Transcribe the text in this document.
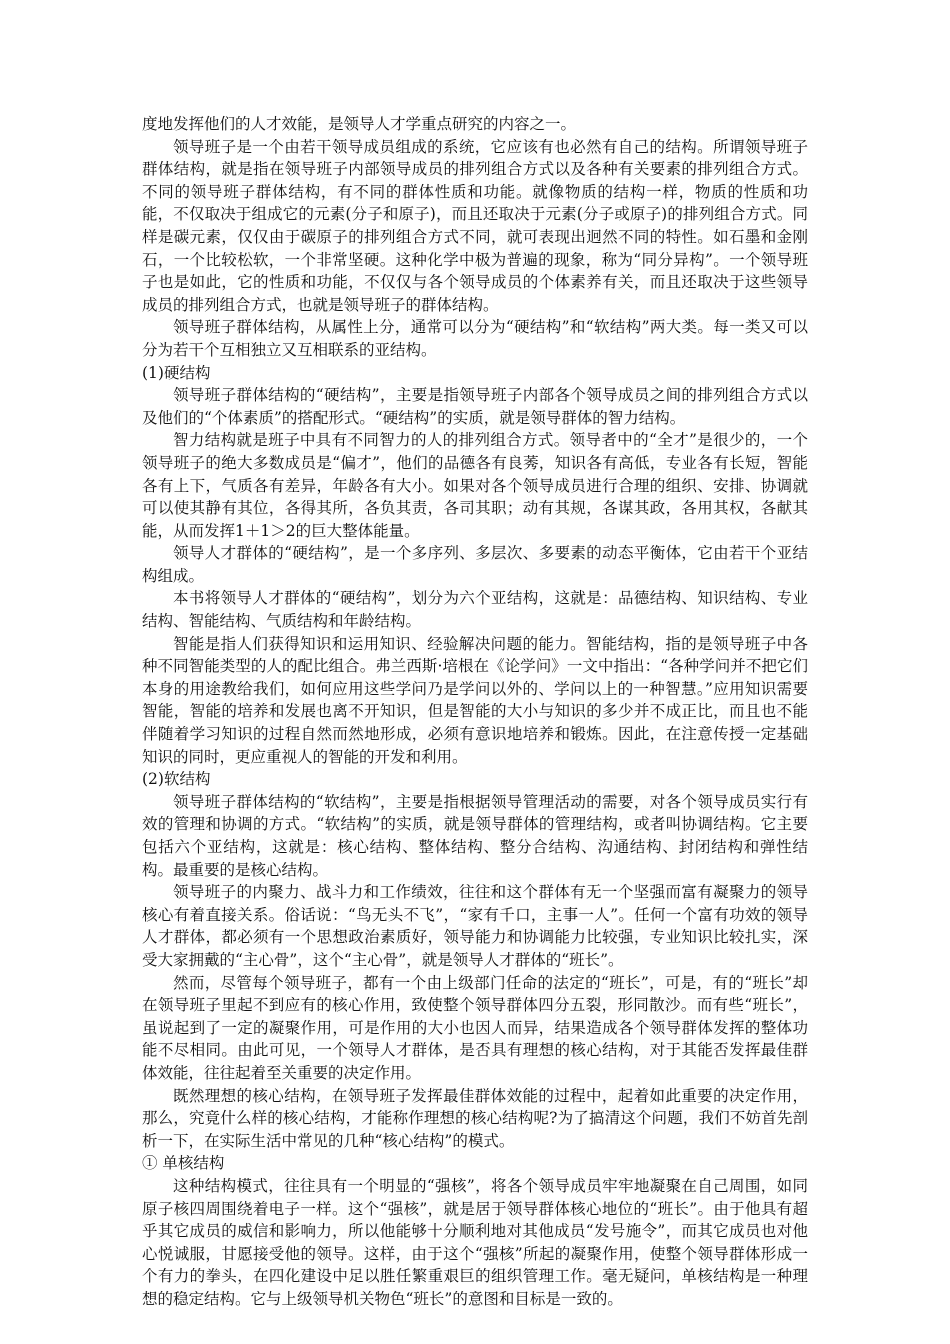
度地发挥他们的人才效能，是领导人才学重点研究的内容之一。

领导班子是一个由若干领导成员组成的系统，它应该有也必然有自己的结构。所谓领导班子群体结构，就是指在领导班子内部领导成员的排列组合方式以及各种有关要素的排列组合方式。不同的领导班子群体结构，有不同的群体性质和功能。就像物质的结构一样，物质的性质和功能，不仅取决于组成它的元素(分子和原子)，而且还取决于元素(分子或原子)的排列组合方式。同样是碳元素，仅仅由于碳原子的排列组合方式不同，就可表现出迥然不同的特性。如石墨和金刚石，一个比较松软，一个非常坚硬。这种化学中极为普遍的现象，称为“同分异构”。一个领导班子也是如此，它的性质和功能，不仅仅与各个领导成员的个体素养有关，而且还取决于这些领导成员的排列组合方式，也就是领导班子的群体结构。

领导班子群体结构，从属性上分，通常可以分为“硬结构”和“软结构”两大类。每一类又可以分为若干个互相独立又互相联系的亚结构。

(1)硬结构

领导班子群体结构的“硬结构”，主要是指领导班子内部各个领导成员之间的排列组合方式以及他们的“个体素质”的搭配形式。“硬结构”的实质，就是领导群体的智力结构。

智力结构就是班子中具有不同智力的人的排列组合方式。领导者中的“全才”是很少的，一个领导班子的绝大多数成员是“偏才”，他们的品德各有良莠，知识各有高低，专业各有长短，智能各有上下，气质各有差异，年龄各有大小。如果对各个领导成员进行合理的组织、安排、协调就可以使其静有其位，各得其所，各负其责，各司其职；动有其规，各谋其政，各用其权，各献其能，从而发挥1＋1＞2的巨大整体能量。

领导人才群体的“硬结构”，是一个多序列、多层次、多要素的动态平衡体，它由若干个亚结构组成。

本书将领导人才群体的“硬结构”，划分为六个亚结构，这就是：品德结构、知识结构、专业结构、智能结构、气质结构和年龄结构。

智能是指人们获得知识和运用知识、经验解决问题的能力。智能结构，指的是领导班子中各种不同智能类型的人的配比组合。弗兰西斯·培根在《论学问》一文中指出：“各种学问并不把它们本身的用途教给我们，如何应用这些学问乃是学问以外的、学问以上的一种智慧。”应用知识需要智能，智能的培养和发展也离不开知识，但是智能的大小与知识的多少并不成正比，而且也不能伴随着学习知识的过程自然而然地形成，必须有意识地培养和锻炼。因此，在注意传授一定基础知识的同时，更应重视人的智能的开发和利用。

(2)软结构

领导班子群体结构的“软结构”，主要是指根据领导管理活动的需要，对各个领导成员实行有效的管理和协调的方式。“软结构”的实质，就是领导群体的管理结构，或者叫协调结构。它主要包括六个亚结构，这就是：核心结构、整体结构、整分合结构、沟通结构、封闭结构和弹性结构。最重要的是核心结构。

领导班子的内聚力、战斗力和工作绩效，往往和这个群体有无一个坚强而富有凝聚力的领导核心有着直接关系。俗话说：“鸟无头不飞”，“家有千口，主事一人”。任何一个富有功效的领导人才群体，都必须有一个思想政治素质好，领导能力和协调能力比较强，专业知识比较扎实，深受大家拥戴的“主心骨”，这个“主心骨”，就是领导人才群体的“班长”。

然而，尽管每个领导班子，都有一个由上级部门任命的法定的“班长”，可是，有的“班长”却在领导班子里起不到应有的核心作用，致使整个领导群体四分五裂，形同散沙。而有些“班长”，虽说起到了一定的凝聚作用，可是作用的大小也因人而异，结果造成各个领导群体发挥的整体功能不尽相同。由此可见，一个领导人才群体，是否具有理想的核心结构，对于其能否发挥最佳群体效能，往往起着至关重要的决定作用。

既然理想的核心结构，在领导班子发挥最佳群体效能的过程中，起着如此重要的决定作用，那么，究竟什么样的核心结构，才能称作理想的核心结构呢?为了搞清这个问题，我们不妨首先剖析一下，在实际生活中常见的几种“核心结构”的模式。

① 单核结构

这种结构模式，往往具有一个明显的“强核”，将各个领导成员牢牢地凝聚在自己周围，如同原子核四周围绕着电子一样。这个“强核”，就是居于领导群体核心地位的“班长”。由于他具有超乎其它成员的威信和影响力，所以他能够十分顺利地对其他成员“发号施令”，而其它成员也对他心悦诚服，甘愿接受他的领导。这样，由于这个“强核”所起的凝聚作用，使整个领导群体形成一个有力的拳头，在四化建设中足以胜任繁重艰巨的组织管理工作。毫无疑问，单核结构是一种理想的稳定结构。它与上级领导机关物色“班长”的意图和目标是一致的。
